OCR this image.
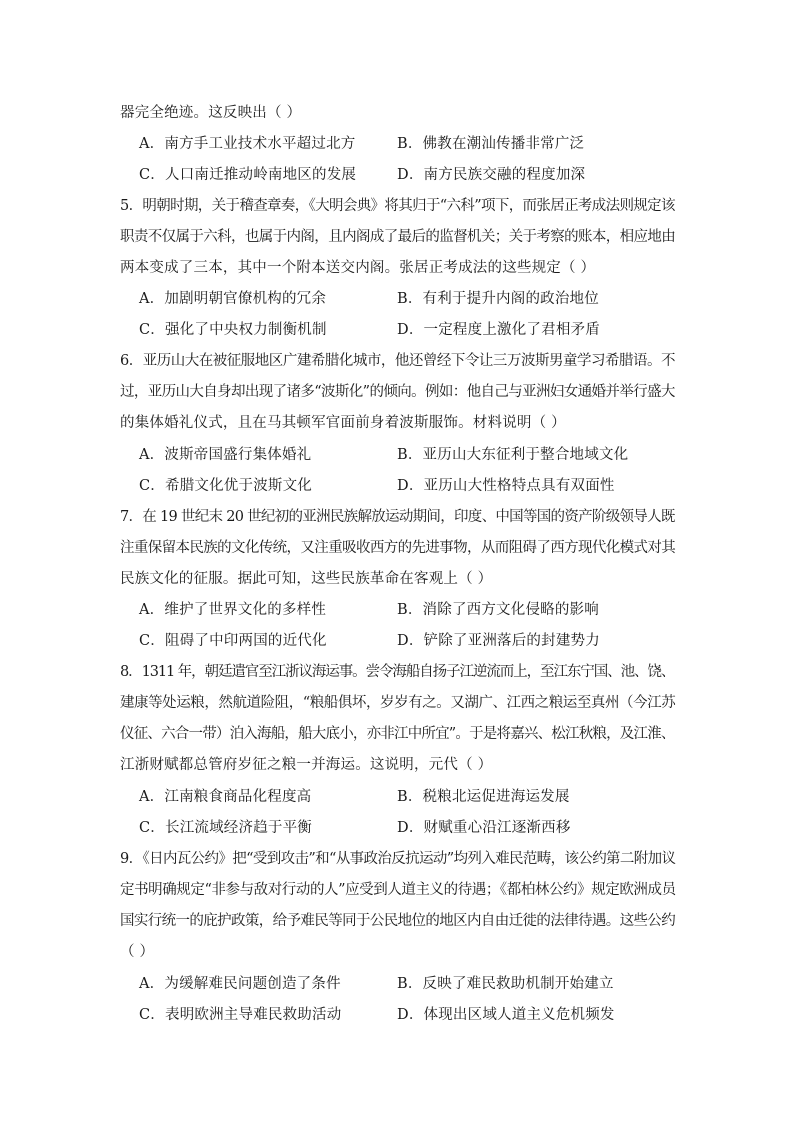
器完全绝迹。这反映出（ ）
A．南方手工业技术水平超过北方	B．佛教在潮汕传播非常广泛
C．人口南迁推动岭南地区的发展	D．南方民族交融的程度加深
5．明朝时期，关于稽查章奏，《大明会典》将其归于“六科”项下，而张居正考成法则规定该
职责不仅属于六科，也属于内阁，且内阁成了最后的监督机关；关于考察的账本，相应地由
两本变成了三本，其中一个附本送交内阁。张居正考成法的这些规定（ ）
A．加剧明朝官僚机构的冗余	B．有利于提升内阁的政治地位
C．强化了中央权力制衡机制	D．一定程度上激化了君相矛盾
6．亚历山大在被征服地区广建希腊化城市，他还曾经下令让三万波斯男童学习希腊语。不
过，亚历山大自身却出现了诸多“波斯化”的倾向。例如：他自己与亚洲妇女通婚并举行盛大
的集体婚礼仪式，且在马其顿军官面前身着波斯服饰。材料说明（ ）
A．波斯帝国盛行集体婚礼	B．亚历山大东征利于整合地域文化
C．希腊文化优于波斯文化	D．亚历山大性格特点具有双面性
7．在 19 世纪末 20 世纪初的亚洲民族解放运动期间，印度、中国等国的资产阶级领导人既
注重保留本民族的文化传统，又注重吸收西方的先进事物，从而阻碍了西方现代化模式对其
民族文化的征服。据此可知，这些民族革命在客观上（ ）
A．维护了世界文化的多样性	B．消除了西方文化侵略的影响
C．阻碍了中印两国的近代化	D．铲除了亚洲落后的封建势力
8．1311 年，朝廷遣官至江浙议海运事。尝令海船自扬子江逆流而上，至江东宁国、池、饶、
建康等处运粮，然航道险阻，“粮船俱坏，岁岁有之。又湖广、江西之粮运至真州（今江苏
仪征、六合一带）泊入海船，船大底小，亦非江中所宜”。于是将嘉兴、松江秋粮，及江淮、
江浙财赋都总管府岁征之粮一并海运。这说明，元代（ ）
A．江南粮食商品化程度高	B．税粮北运促进海运发展
C．长江流域经济趋于平衡	D．财赋重心沿江逐渐西移
9．《日内瓦公约》把“受到攻击”和“从事政治反抗运动”均列入难民范畴，该公约第二附加议
定书明确规定“非参与敌对行动的人”应受到人道主义的待遇；《都柏林公约》规定欧洲成员
国实行统一的庇护政策，给予难民等同于公民地位的地区内自由迁徙的法律待遇。这些公约
（ ）
A．为缓解难民问题创造了条件	B．反映了难民救助机制开始建立
C．表明欧洲主导难民救助活动	D．体现出区域人道主义危机频发
